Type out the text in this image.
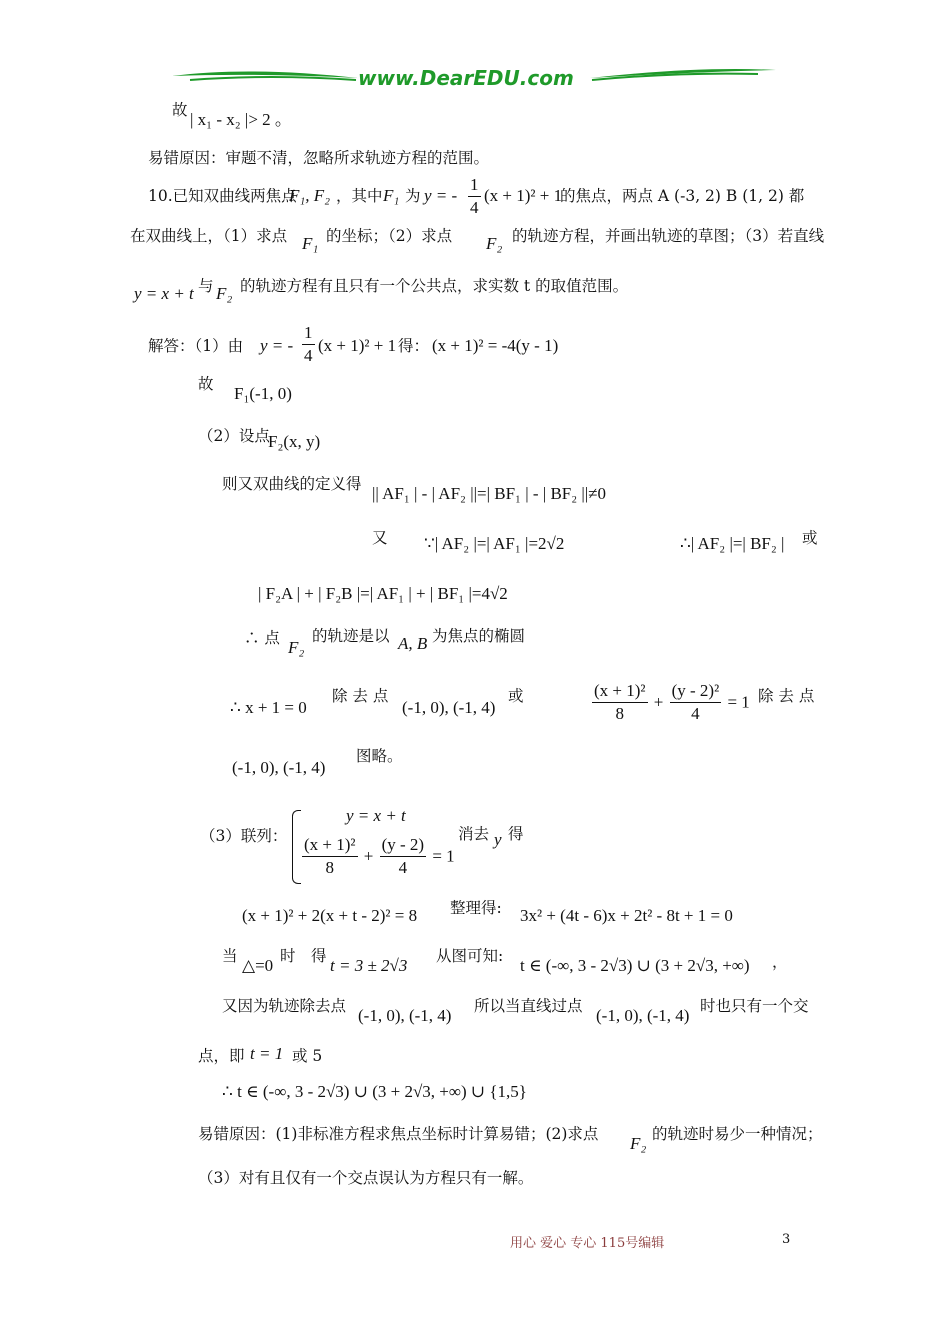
www.DearEDU.com
故 | x₁ - x₂ |> 2 。
易错原因：审题不清，忽略所求轨迹方程的范围。
10.已知双曲线两焦点
F₁, F₂ ，其中 F₁ 为 y = - $\frac{1}{4} (x + 1)^2 + 1$
的焦点，两点 A (-3, 2) B (1, 2) 都
在双曲线上，（1）求点 F₁ 的坐标；（2）求点 F₂ 的轨迹方程，并画出轨迹的草图；（3）若直线
y = x + t 与 F₂ 的轨迹方程有且只有一个公共点，求实数 t 的取值范围。
解答：（1）由 y = - $\frac{1}{4} (x + 1)^2 + 1$ 得： (x + 1)² = -4(y - 1)
故 F₁(-1, 0)
（2）设点
F₂(x, y)
则又双曲线的定义得 || AF₁ | - | AF₂ ||=| BF₁ | - | BF₂ ||≠0
又 ∵| AF₂ |=| AF₁ |=2√2	∴| AF₂ |=| BF₂ | 或
| F₂A | + | F₂B |=| AF₁ | + | BF₁ |=4√2
∴ 点 F₂
的轨迹是以 A, B 为焦点的椭圆
∴ x + 1 = 0
除 去 点
(-1, 0), (-1, 4)
或	$\frac{\text{(x + 1)²}}{8} + \frac{\text{(y - 2)²}}{4} = 1$ 除 去 点
(-1, 0), (-1, 4)
图略。
（3）联列：
y = x + t
$\frac{\text{(x + 1)²}}{8} + \frac{(y - 2)}{4} = 1$
消去 y 得
(x + 1)² + 2(x + t - 2)² = 8 整理得: 3x² + (4t - 6)x + 2t² - 8t + 1 = 0
当 △=0 时　得 t = 3 ± 2√3 从图可知: t ∈ (-∞, 3 - 2√3) ∪ (3 + 2√3, +∞) ，
又因为轨迹除去点 (-1, 0), (-1, 4) 所以当直线过点 (-1, 0), (-1, 4) 时也只有一个交
点，即 t = 1 或 5
∴ t ∈ (-∞, 3 - 2√3) ∪ (3 + 2√3, +∞) ∪ {1,5}
易错原因：(1)非标准方程求焦点坐标时计算易错；(2)求点 F₂ 的轨迹时易少一种情况；
（3）对有且仅有一个交点误认为方程只有一解。
用心 爱心 专心 115号编辑	3
